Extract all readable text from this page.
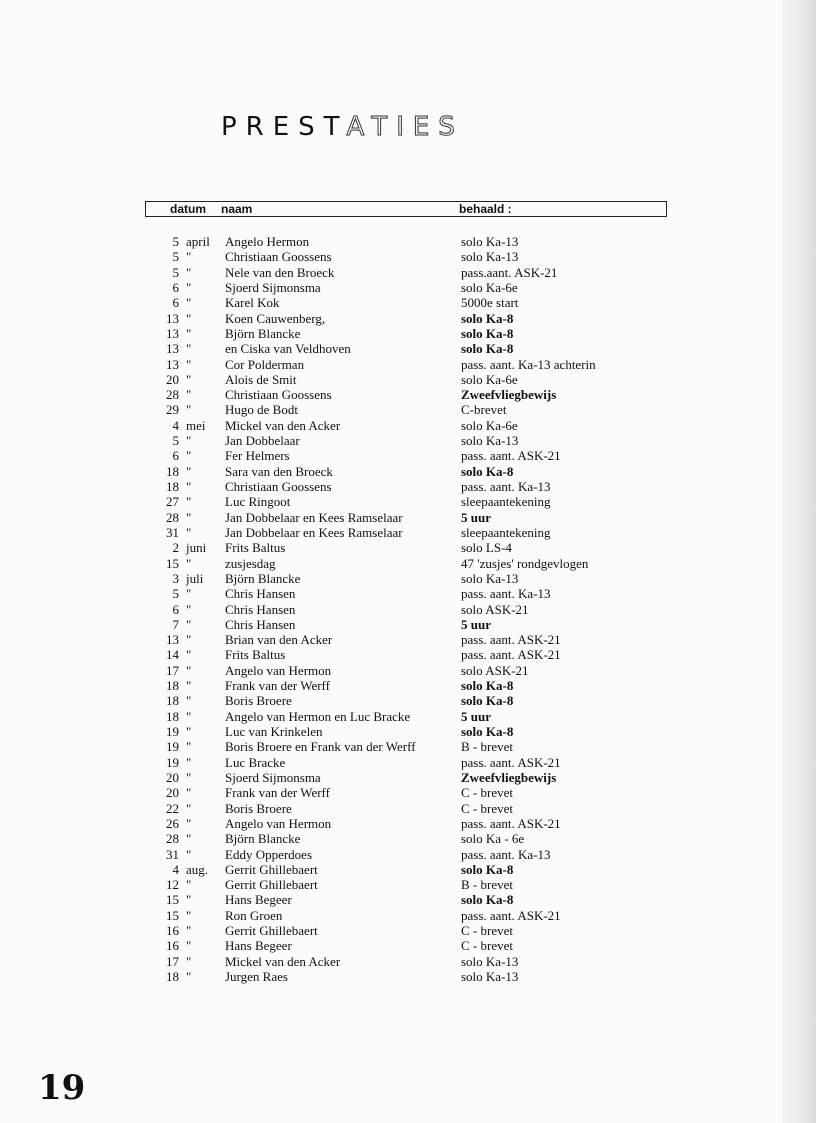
PRESTATIES
datum naam	behaald :
5 april Angelo Hermon	solo Ka-13
5 "	Christiaan Goossens	solo Ka-13
5 "	Nele van den Broeck	pass.aant. ASK-21
6 "	Sjoerd Sijmonsma	solo Ka-6e
6 "	Karel Kok	5000e start
13 "	Koen Cauwenberg,	solo Ka-8
13 "	Björn Blancke	solo Ka-8
13 "	en Ciska van Veldhoven	solo Ka-8
13 "	Cor Polderman	pass. aant. Ka-13 achterin
20 "	Alois de Smit	solo Ka-6e
28 "	Christiaan Goossens	Zweefvliegbewijs
29 "	Hugo de Bodt	C-brevet
4 mei Mickel van den Acker	solo Ka-6e
5 "	Jan Dobbelaar	solo Ka-13
6 "	Fer Helmers	pass. aant. ASK-21
18 "	Sara van den Broeck	solo Ka-8
18 "	Christiaan Goossens	pass. aant. Ka-13
27 "	Luc Ringoot	sleepaantekening
28 "	Jan Dobbelaar en Kees Ramselaar	5 uur
31 "	Jan Dobbelaar en Kees Ramselaar	sleepaantekening
2 juni Frits Baltus	solo LS-4
15 "	zusjesdag	47 'zusjes' rondgevlogen
3 juli Björn Blancke	solo Ka-13
5 "	Chris Hansen	pass. aant. Ka-13
6 "	Chris Hansen	solo ASK-21
7 "	Chris Hansen	5 uur
13 "	Brian van den Acker	pass. aant. ASK-21
14 "	Frits Baltus	pass. aant. ASK-21
17 "	Angelo van Hermon	solo ASK-21
18 "	Frank van der Werff	solo Ka-8
18 "	Boris Broere	solo Ka-8
18 "	Angelo van Hermon en Luc Bracke	5 uur
19 "	Luc van Krinkelen	solo Ka-8
19 "	Boris Broere en Frank van der Werff	B - brevet
19 "	Luc Bracke	pass. aant. ASK-21
20 "	Sjoerd Sijmonsma	Zweefvliegbewijs
20 "	Frank van der Werff	C - brevet
22 "	Boris Broere	C - brevet
26 "	Angelo van Hermon	pass. aant. ASK-21
28 "	Björn Blancke	solo Ka - 6e
31 "	Eddy Opperdoes	pass. aant. Ka-13
4 aug. Gerrit Ghillebaert	solo Ka-8
12 "	Gerrit Ghillebaert	B - brevet
15 "	Hans Begeer	solo Ka-8
15 "	Ron Groen	pass. aant. ASK-21
16 "	Gerrit Ghillebaert	C - brevet
16 "	Hans Begeer	C - brevet
17 "	Mickel van den Acker	solo Ka-13
18 "	Jurgen Raes	solo Ka-13
19
